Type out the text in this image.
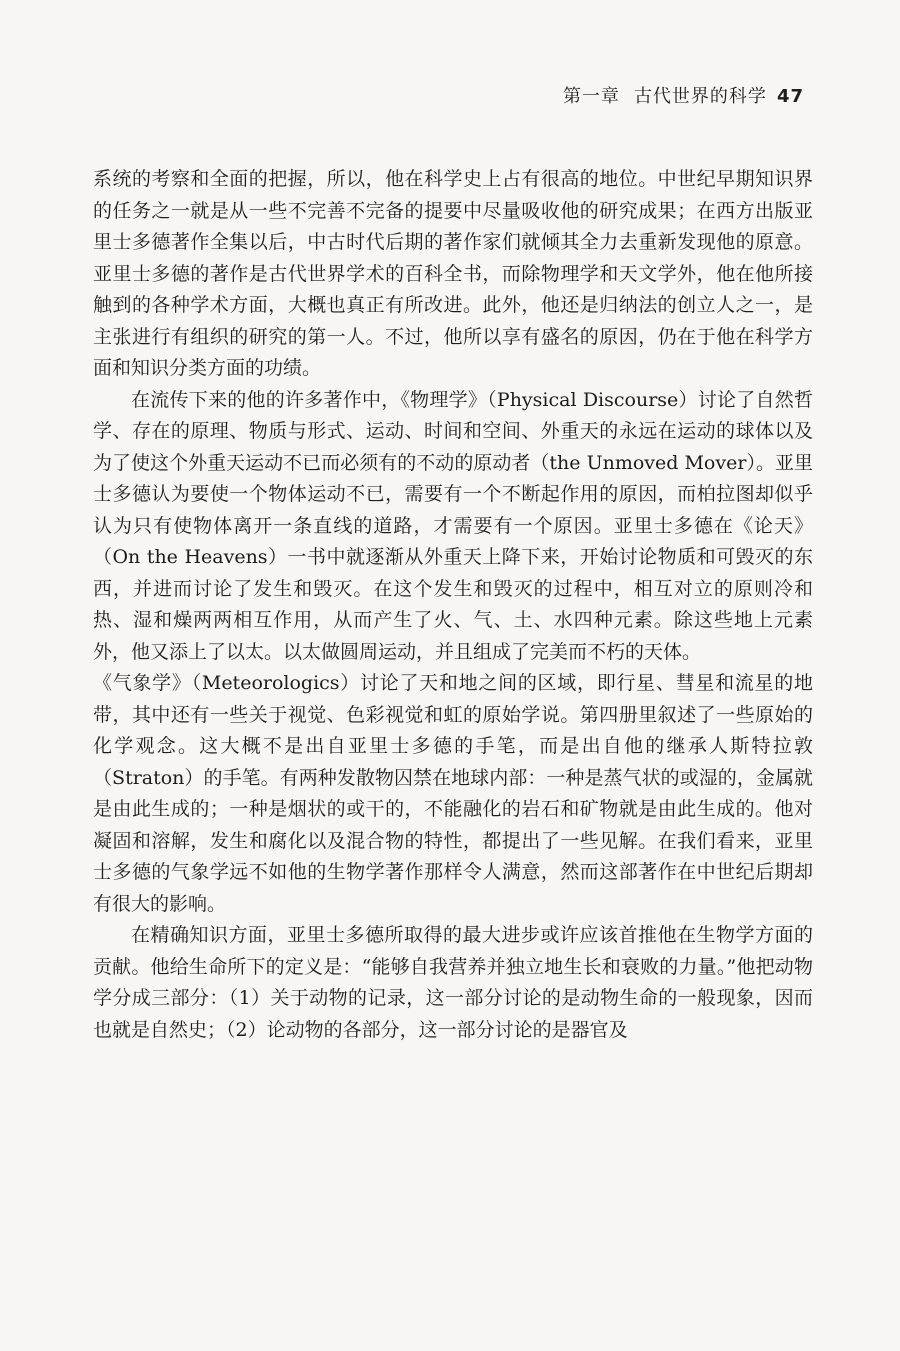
第一章 古代世界的科学 47

系统的考察和全面的把握，所以，他在科学史上占有很高的地位。中世纪早期知识界的任务之一就是从一些不完善不完备的提要中尽量吸收他的研究成果；在西方出版亚里士多德著作全集以后，中古时代后期的著作家们就倾其全力去重新发现他的原意。亚里士多德的著作是古代世界学术的百科全书，而除物理学和天文学外，他在他所接触到的各种学术方面，大概也真正有所改进。此外，他还是归纳法的创立人之一，是主张进行有组织的研究的第一人。不过，他所以享有盛名的原因，仍在于他在科学方面和知识分类方面的功绩。

在流传下来的他的许多著作中，《物理学》（Physical Discourse）讨论了自然哲学、存在的原理、物质与形式、运动、时间和空间、外重天的永远在运动的球体以及为了使这个外重天运动不已而必须有的不动的原动者（the Unmoved Mover）。亚里士多德认为要使一个物体运动不已，需要有一个不断起作用的原因，而柏拉图却似乎认为只有使物体离开一条直线的道路，才需要有一个原因。亚里士多德在《论天》（On the Heavens）一书中就逐渐从外重天上降下来，开始讨论物质和可毁灭的东西，并进而讨论了发生和毁灭。在这个发生和毁灭的过程中，相互对立的原则冷和热、湿和燥两两相互作用，从而产生了火、气、土、水四种元素。除这些地上元素外，他又添上了以太。以太做圆周运动，并且组成了完美而不朽的天体。

《气象学》（Meteorologics）讨论了天和地之间的区域，即行星、彗星和流星的地带，其中还有一些关于视觉、色彩视觉和虹的原始学说。第四册里叙述了一些原始的化学观念。这大概不是出自亚里士多德的手笔，而是出自他的继承人斯特拉敦（Straton）的手笔。有两种发散物囚禁在地球内部：一种是蒸气状的或湿的，金属就是由此生成的；一种是烟状的或干的，不能融化的岩石和矿物就是由此生成的。他对凝固和溶解，发生和腐化以及混合物的特性，都提出了一些见解。在我们看来，亚里士多德的气象学远不如他的生物学著作那样令人满意，然而这部著作在中世纪后期却有很大的影响。

在精确知识方面，亚里士多德所取得的最大进步或许应该首推他在生物学方面的贡献。他给生命所下的定义是：“能够自我营养并独立地生长和衰败的力量。”他把动物学分成三部分：（1）关于动物的记录，这一部分讨论的是动物生命的一般现象，因而也就是自然史；（2）论动物的各部分，这一部分讨论的是器官及
